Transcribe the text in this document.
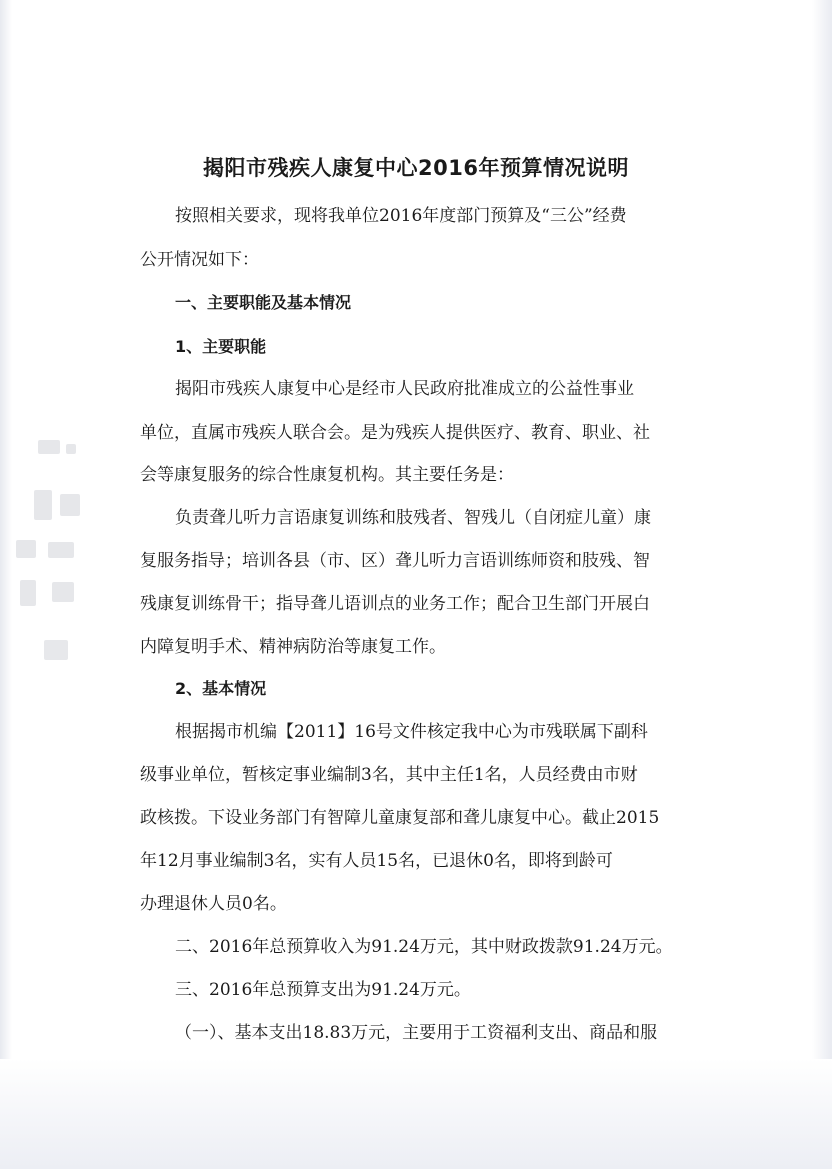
揭阳市残疾人康复中心2016年预算情况说明

按照相关要求，现将我单位2016年度部门预算及“三公”经费

公开情况如下：

一、主要职能及基本情况

1、主要职能

揭阳市残疾人康复中心是经市人民政府批准成立的公益性事业

单位，直属市残疾人联合会。是为残疾人提供医疗、教育、职业、社

会等康复服务的综合性康复机构。其主要任务是：

负责聋儿听力言语康复训练和肢残者、智残儿（自闭症儿童）康

复服务指导；培训各县（市、区）聋儿听力言语训练师资和肢残、智

残康复训练骨干；指导聋儿语训点的业务工作；配合卫生部门开展白

内障复明手术、精神病防治等康复工作。

2、基本情况

根据揭市机编【2011】16号文件核定我中心为市残联属下副科

级事业单位，暂核定事业编制3名，其中主任1名，人员经费由市财

政核拨。下设业务部门有智障儿童康复部和聋儿康复中心。截止2015

年12月事业编制3名，实有人员15名，已退休0名，即将到龄可

办理退休人员0名。

二、2016年总预算收入为91.24万元，其中财政拨款91.24万元。

三、2016年总预算支出为91.24万元。

（一）、基本支出18.83万元，主要用于工资福利支出、商品和服
